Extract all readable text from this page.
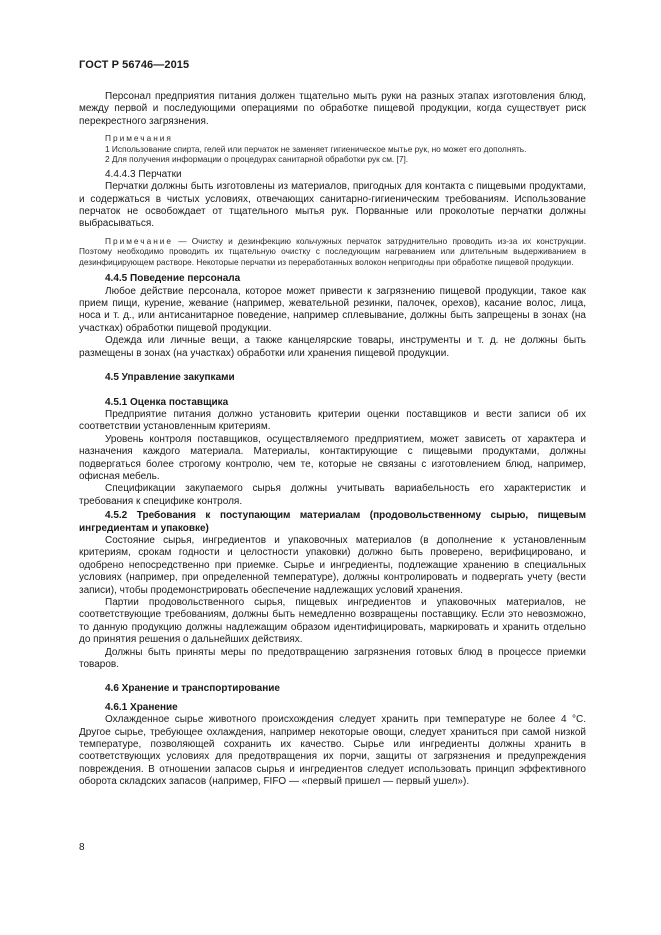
ГОСТ Р 56746—2015

Персонал предприятия питания должен тщательно мыть руки на разных этапах изготовления блюд, между первой и последующими операциями по обработке пищевой продукции, когда существует риск перекрестного загрязнения.

Примечания
1 Использование спирта, гелей или перчаток не заменяет гигиеническое мытье рук, но может его дополнять.
2 Для получения информации о процедурах санитарной обработки рук см. [7].
4.4.4.3 Перчатки

Перчатки должны быть изготовлены из материалов, пригодных для контакта с пищевыми продуктами, и содержаться в чистых условиях, отвечающих санитарно-гигиеническим требованиям. Использование перчаток не освобождает от тщательного мытья рук. Порванные или проколотые перчатки должны выбрасываться.

Примечание — Очистку и дезинфекцию кольчужных перчаток затруднительно проводить из-за их конструкции. Поэтому необходимо проводить их тщательную очистку с последующим нагреванием или длительным выдерживанием в дезинфицирующем растворе. Некоторые перчатки из переработанных волокон непригодны при обработке пищевой продукции.
4.4.5 Поведение персонала

Любое действие персонала, которое может привести к загрязнению пищевой продукции, такое как прием пищи, курение, жевание (например, жевательной резинки, палочек, орехов), касание волос, лица, носа и т. д., или антисанитарное поведение, например сплевывание, должны быть запрещены в зонах (на участках) обработки пищевой продукции.

Одежда или личные вещи, а также канцелярские товары, инструменты и т. д. не должны быть размещены в зонах (на участках) обработки или хранения пищевой продукции.

4.5 Управление закупками
4.5.1 Оценка поставщика

Предприятие питания должно установить критерии оценки поставщиков и вести записи об их соответствии установленным критериям.

Уровень контроля поставщиков, осуществляемого предприятием, может зависеть от характера и назначения каждого материала. Материалы, контактирующие с пищевыми продуктами, должны подвергаться более строгому контролю, чем те, которые не связаны с изготовлением блюд, например, офисная мебель.

Спецификации закупаемого сырья должны учитывать вариабельность его характеристик и требования к специфике контроля.

4.5.2 Требования к поступающим материалам (продовольственному сырью, пищевым ингредиентам и упаковке)

Состояние сырья, ингредиентов и упаковочных материалов (в дополнение к установленным критериям, срокам годности и целостности упаковки) должно быть проверено, верифицировано, и одобрено непосредственно при приемке. Сырье и ингредиенты, подлежащие хранению в специальных условиях (например, при определенной температуре), должны контролировать и подвергать учету (вести записи), чтобы продемонстрировать обеспечение надлежащих условий хранения.

Партии продовольственного сырья, пищевых ингредиентов и упаковочных материалов, не соответствующие требованиям, должны быть немедленно возвращены поставщику. Если это невозможно, то данную продукцию должны надлежащим образом идентифицировать, маркировать и хранить отдельно до принятия решения о дальнейших действиях.

Должны быть приняты меры по предотвращению загрязнения готовых блюд в процессе приемки товаров.

4.6 Хранение и транспортирование
4.6.1 Хранение

Охлажденное сырье животного происхождения следует хранить при температуре не более 4 °С. Другое сырье, требующее охлаждения, например некоторые овощи, следует храниться при самой низкой температуре, позволяющей сохранить их качество. Сырье или ингредиенты должны хранить в соответствующих условиях для предотвращения их порчи, защиты от загрязнения и предупреждения повреждения. В отношении запасов сырья и ингредиентов следует использовать принцип эффективного оборота складских запасов (например, FIFO — «первый пришел — первый ушел»).

8
